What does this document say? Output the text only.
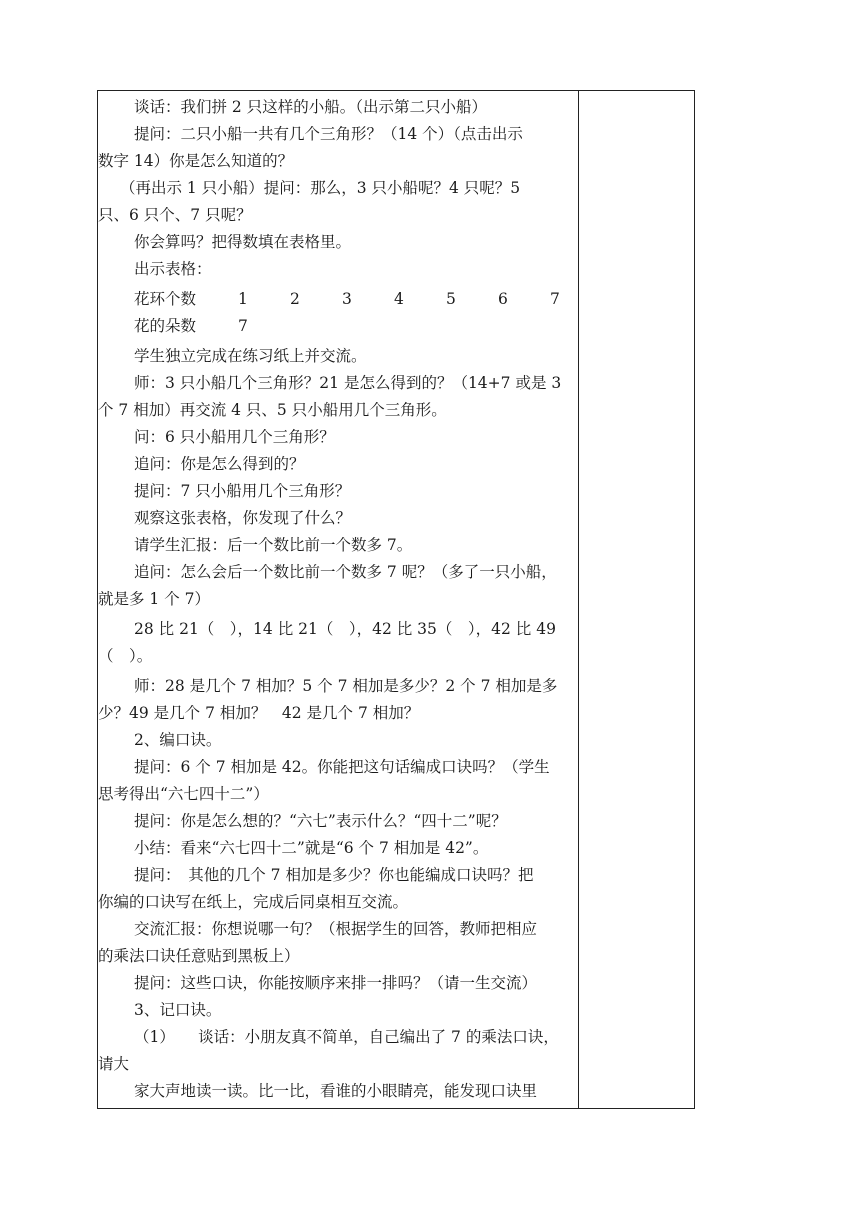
谈话：我们拼 2 只这样的小船。（出示第二只小船）
提问：二只小船一共有几个三角形？（14 个）（点击出示
数字 14）你是怎么知道的？
（再出示 1 只小船）提问：那么，3 只小船呢？4 只呢？5
只、6 只个、7 只呢？
你会算吗？把得数填在表格里。
出示表格：
花环个数	1	2	3	4	5	6	7
花的朵数	7
学生独立完成在练习纸上并交流。
师：3 只小船几个三角形？21 是怎么得到的？（14+7 或是 3
个 7 相加）再交流 4 只、5 只小船用几个三角形。
问：6 只小船用几个三角形？
追问：你是怎么得到的？
提问：7 只小船用几个三角形？
观察这张表格，你发现了什么？
请学生汇报：后一个数比前一个数多 7。
追问：怎么会后一个数比前一个数多 7 呢？（多了一只小船，
就是多 1 个 7）
28 比 21（　），14 比 21（　），42 比 35（　），42 比 49
（　）。
师：28 是几个 7 相加？5 个 7 相加是多少？2 个 7 相加是多
少？49 是几个 7 相加？　42 是几个 7 相加？
2、编口诀。
提问：6 个 7 相加是 42。你能把这句话编成口诀吗？（学生
思考得出“六七四十二”）
提问：你是怎么想的？“六七”表示什么？“四十二”呢？
小结：看来“六七四十二”就是“6 个 7 相加是 42”。
提问：　其他的几个 7 相加是多少？你也能编成口诀吗？把
你编的口诀写在纸上，完成后同桌相互交流。
交流汇报：你想说哪一句？（根据学生的回答，教师把相应
的乘法口诀任意贴到黑板上）
提问：这些口诀，你能按顺序来排一排吗？（请一生交流）
3、记口诀。
（1）　　谈话：小朋友真不简单，自己编出了 7 的乘法口诀，
请大
家大声地读一读。比一比，看谁的小眼睛亮，能发现口诀里
